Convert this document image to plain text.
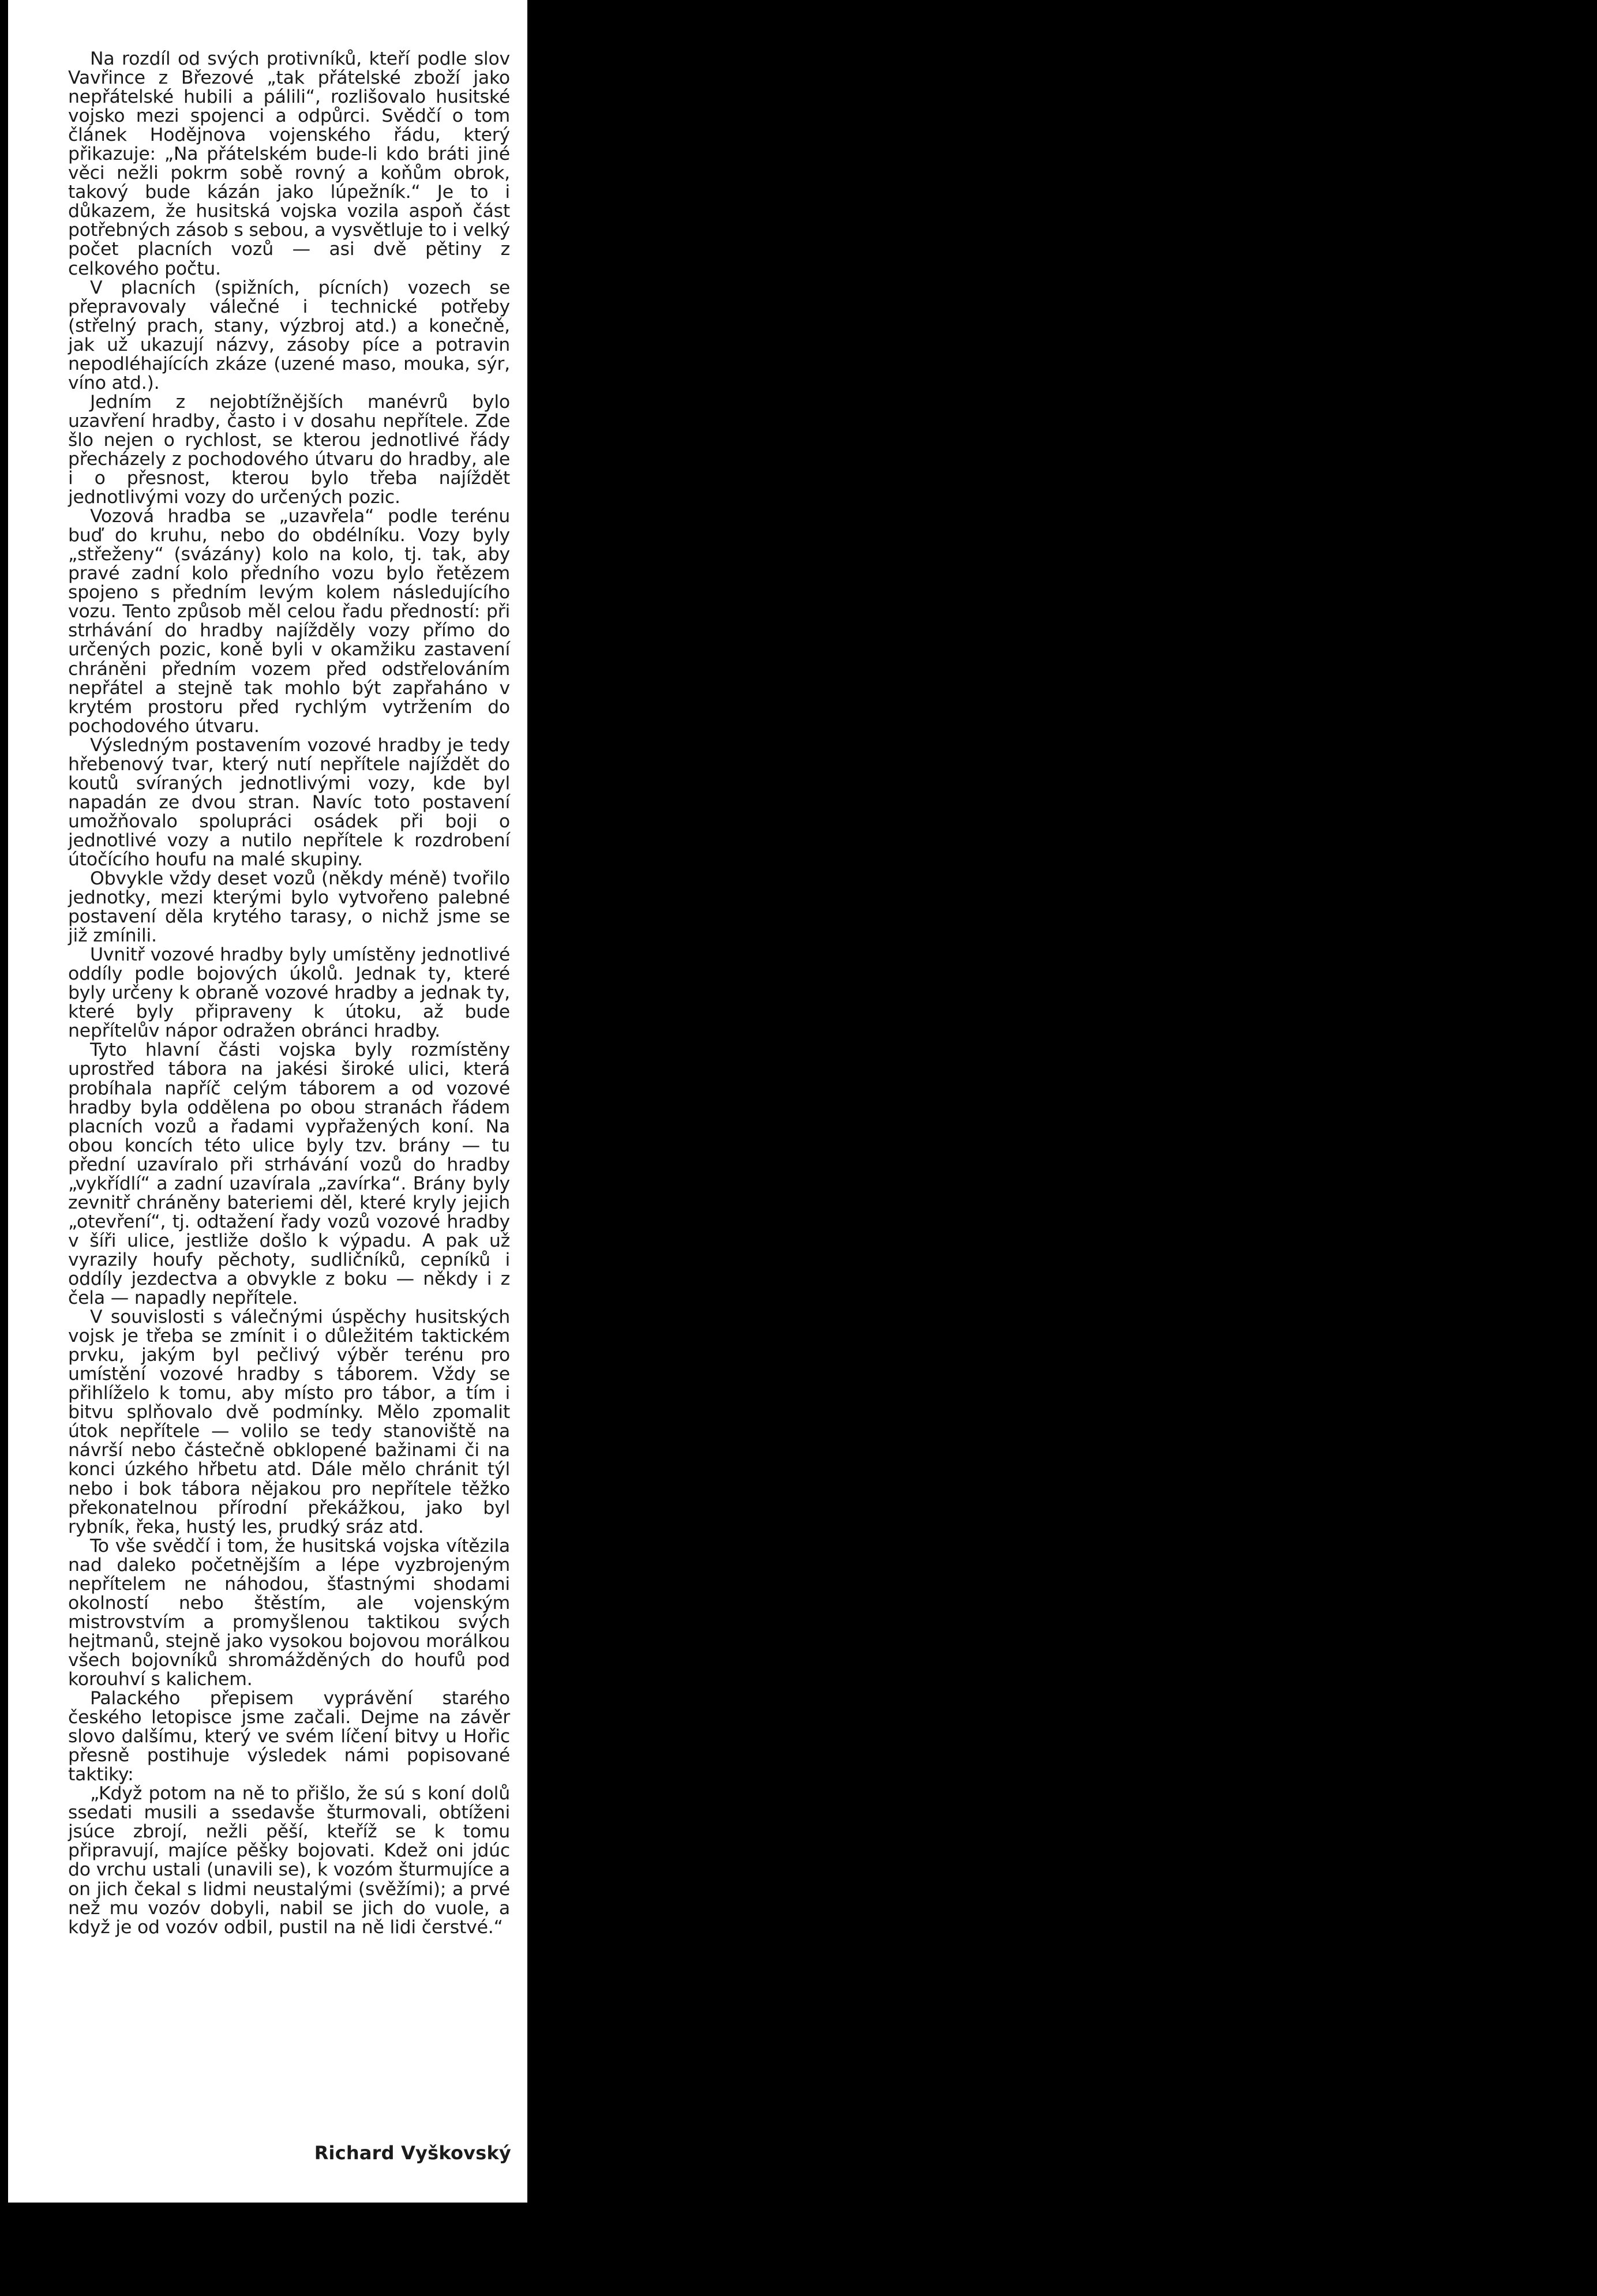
Na rozdíl od svých protivníků, kteří podle slov Vavřince z Březové „tak přátelské zboží jako nepřátelské hubili a pálili“, rozlišovalo husitské vojsko mezi spojenci a odpůrci. Svědčí o tom článek Hodějnova vojenského řádu, který přikazuje: „Na přátelském bude-li kdo bráti jiné věci nežli pokrm sobě rovný a koňům obrok, takový bude kázán jako lúpežník.“ Je to i důkazem, že husitská vojska vozila aspoň část potřebných zásob s sebou, a vysvětluje to i velký počet placních vozů — asi dvě pětiny z celkového počtu.

V placních (spižních, pícních) vozech se přepravovaly válečné i technické potřeby (střelný prach, stany, výzbroj atd.) a konečně, jak už ukazují názvy, zásoby píce a potravin nepodléhajících zkáze (uzené maso, mouka, sýr, víno atd.).

Jedním z nejobtížnějších manévrů bylo uzavření hradby, často i v dosahu nepřítele. Zde šlo nejen o rychlost, se kterou jednotlivé řády přecházely z pochodového útvaru do hradby, ale i o přesnost, kterou bylo třeba najíždět jednotlivými vozy do určených pozic.

Vozová hradba se „uzavřela“ podle terénu buď do kruhu, nebo do obdélníku. Vozy byly „střeženy“ (svázány) kolo na kolo, tj. tak, aby pravé zadní kolo předního vozu bylo řetězem spojeno s předním levým kolem následujícího vozu. Tento způsob měl celou řadu předností: při strhávání do hradby najížděly vozy přímo do určených pozic, koně byli v okamžiku zastavení chráněni předním vozem před odstřelováním nepřátel a stejně tak mohlo být zapřaháno v krytém prostoru před rychlým vytržením do pochodového útvaru.

Výsledným postavením vozové hradby je tedy hřebenový tvar, který nutí nepřítele najíždět do koutů svíraných jednotlivými vozy, kde byl napadán ze dvou stran. Navíc toto postavení umožňovalo spolupráci osádek při boji o jednotlivé vozy a nutilo nepřítele k rozdrobení útočícího houfu na malé skupiny.

Obvykle vždy deset vozů (někdy méně) tvořilo jednotky, mezi kterými bylo vytvořeno palebné postavení děla krytého tarasy, o nichž jsme se již zmínili.

Uvnitř vozové hradby byly umístěny jednotlivé oddíly podle bojových úkolů. Jednak ty, které byly určeny k obraně vozové hradby a jednak ty, které byly připraveny k útoku, až bude nepřítelův nápor odražen obránci hradby.

Tyto hlavní části vojska byly rozmístěny uprostřed tábora na jakési široké ulici, která probíhala napříč celým táborem a od vozové hradby byla oddělena po obou stranách řádem placních vozů a řadami vypřažených koní. Na obou koncích této ulice byly tzv. brány — tu přední uzavíralo při strhávání vozů do hradby „vykřídlí“ a zadní uzavírala „zavírka“. Brány byly zevnitř chráněny bateriemi děl, které kryly jejich „otevření“, tj. odtažení řady vozů vozové hradby v šíři ulice, jestliže došlo k výpadu. A pak už vyrazily houfy pěchoty, sudličníků, cepníků i oddíly jezdectva a obvykle z boku — někdy i z čela — napadly nepřítele.

V souvislosti s válečnými úspěchy husitských vojsk je třeba se zmínit i o důležitém taktickém prvku, jakým byl pečlivý výběr terénu pro umístění vozové hradby s táborem. Vždy se přihlíželo k tomu, aby místo pro tábor, a tím i bitvu splňovalo dvě podmínky. Mělo zpomalit útok nepřítele — volilo se tedy stanoviště na návrší nebo částečně obklopené bažinami či na konci úzkého hřbetu atd. Dále mělo chránit týl nebo i bok tábora nějakou pro nepřítele těžko překonatelnou přírodní překážkou, jako byl rybník, řeka, hustý les, prudký sráz atd.

To vše svědčí i tom, že husitská vojska vítězila nad daleko početnějším a lépe vyzbrojeným nepřítelem ne náhodou, šťastnými shodami okolností nebo štěstím, ale vojenským mistrovstvím a promyšlenou taktikou svých hejtmanů, stejně jako vysokou bojovou morálkou všech bojovníků shromážděných do houfů pod korouhví s kalichem.

Palackého přepisem vyprávění starého českého letopisce jsme začali. Dejme na závěr slovo dalšímu, který ve svém líčení bitvy u Hořic přesně postihuje výsledek námi popisované taktiky:

„Když potom na ně to přišlo, že sú s koní dolů ssedati musili a ssedavše šturmovali, obtíženi jsúce zbrojí, nežli pěší, kteříž se k tomu připravují, majíce pěšky bojovati. Kdež oni jdúc do vrchu ustali (unavili se), k vozóm šturmujíce a on jich čekal s lidmi neustalými (svěžími); a prvé než mu vozóv dobyli, nabil se jich do vuole, a když je od vozóv odbil, pustil na ně lidi čerstvé.“

Richard Vyškovský
